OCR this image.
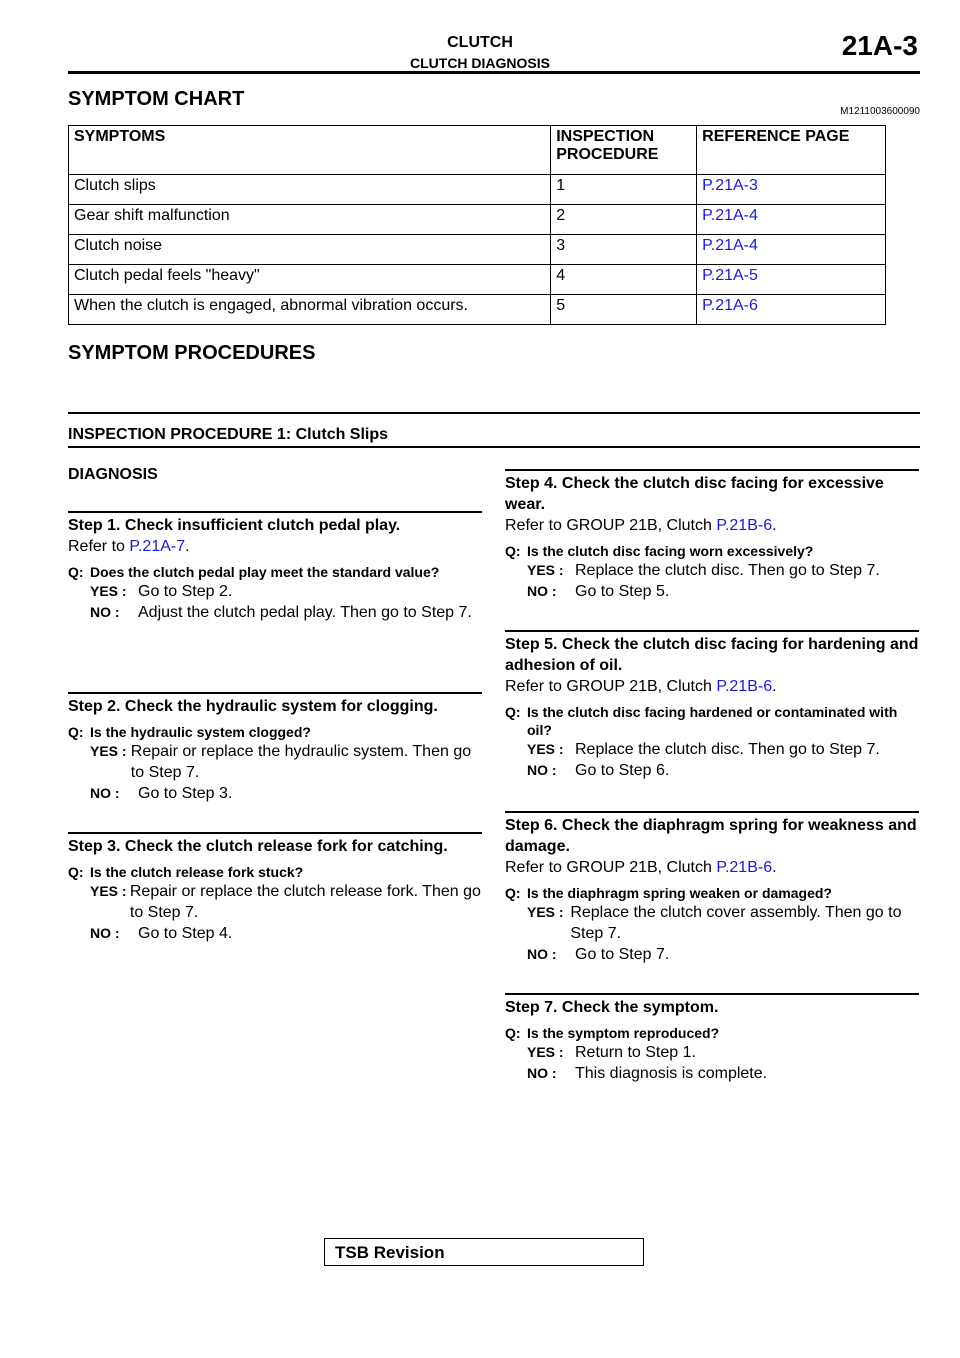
CLUTCH
CLUTCH DIAGNOSIS
21A-3
SYMPTOM CHART
M1211003600090
SYMPTOMS	INSPECTION PROCEDURE	REFERENCE PAGE
Clutch slips	1	P.21A-3
Gear shift malfunction	2	P.21A-4
Clutch noise	3	P.21A-4
Clutch pedal feels "heavy"	4	P.21A-5
When the clutch is engaged, abnormal vibration occurs.	5	P.21A-6
SYMPTOM PROCEDURES
INSPECTION PROCEDURE 1: Clutch Slips
DIAGNOSIS
Step 1. Check insufficient clutch pedal play.
Refer to P.21A-7.
Q: Does the clutch pedal play meet the standard value?
YES : Go to Step 2.
NO :	Adjust the clutch pedal play. Then go to Step 7.
Step 2. Check the hydraulic system for clogging.
Q: Is the hydraulic system clogged?
YES : Repair or replace the hydraulic system. Then go to Step 7.
NO :	Go to Step 3.
Step 3. Check the clutch release fork for catching.
Q: Is the clutch release fork stuck?
YES : Repair or replace the clutch release fork. Then go to Step 7.
NO :	Go to Step 4.
Step 4. Check the clutch disc facing for excessive wear.
Refer to GROUP 21B, Clutch P.21B-6.
Q: Is the clutch disc facing worn excessively?
YES : Replace the clutch disc. Then go to Step 7.
NO :	Go to Step 5.
Step 5. Check the clutch disc facing for hardening and adhesion of oil.
Refer to GROUP 21B, Clutch P.21B-6.
Q: Is the clutch disc facing hardened or contaminated with oil?
YES : Replace the clutch disc. Then go to Step 7.
NO :	Go to Step 6.
Step 6. Check the diaphragm spring for weakness and damage.
Refer to GROUP 21B, Clutch P.21B-6.
Q: Is the diaphragm spring weaken or damaged?
YES : Replace the clutch cover assembly. Then go to Step 7.
NO :	Go to Step 7.
Step 7. Check the symptom.
Q: Is the symptom reproduced?
YES : Return to Step 1.
NO :	This diagnosis is complete.
TSB Revision
